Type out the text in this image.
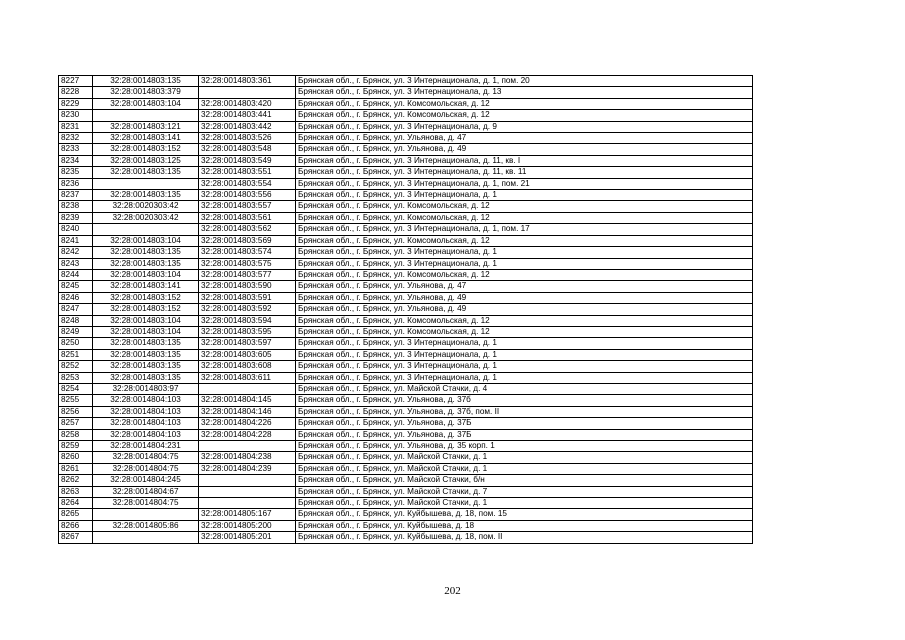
8227	32:28:0014803:135	32:28:0014803:361	Брянская обл., г. Брянск, ул. 3 Интернационала, д. 1, пом. 20
8228	32:28:0014803:379		Брянская обл., г. Брянск, ул. 3 Интернационала, д. 13
8229	32:28:0014803:104	32:28:0014803:420	Брянская обл., г. Брянск, ул. Комсомольская, д. 12
8230		32:28:0014803:441	Брянская обл., г. Брянск, ул. Комсомольская, д. 12
8231	32:28:0014803:121	32:28:0014803:442	Брянская обл., г. Брянск, ул. 3 Интернационала, д. 9
8232	32:28:0014803:141	32:28:0014803:526	Брянская обл., г. Брянск, ул. Ульянова, д. 47
8233	32:28:0014803:152	32:28:0014803:548	Брянская обл., г. Брянск, ул. Ульянова, д. 49
8234	32:28:0014803:125	32:28:0014803:549	Брянская обл., г. Брянск, ул. 3 Интернационала, д. 11, кв. I
8235	32:28:0014803:135	32:28:0014803:551	Брянская обл., г. Брянск, ул. 3 Интернационала, д. 11, кв. 11
8236		32:28:0014803:554	Брянская обл., г. Брянск, ул. 3 Интернационала, д. 1, пом. 21
8237	32:28:0014803:135	32:28:0014803:556	Брянская обл., г. Брянск, ул. 3 Интернационала, д. 1
8238	32:28:0020303:42	32:28:0014803:557	Брянская обл., г. Брянск, ул. Комсомольская, д. 12
8239	32:28:0020303:42	32:28:0014803:561	Брянская обл., г. Брянск, ул. Комсомольская, д. 12
8240		32:28:0014803:562	Брянская обл., г. Брянск, ул. 3 Интернационала, д. 1, пом. 17
8241	32:28:0014803:104	32:28:0014803:569	Брянская обл., г. Брянск, ул. Комсомольская, д. 12
8242	32:28:0014803:135	32:28:0014803:574	Брянская обл., г. Брянск, ул. 3 Интернационала, д. 1
8243	32:28:0014803:135	32:28:0014803:575	Брянская обл., г. Брянск, ул. 3 Интернационала, д. 1
8244	32:28:0014803:104	32:28:0014803:577	Брянская обл., г. Брянск, ул. Комсомольская, д. 12
8245	32:28:0014803:141	32:28:0014803:590	Брянская обл., г. Брянск, ул. Ульянова, д. 47
8246	32:28:0014803:152	32:28:0014803:591	Брянская обл., г. Брянск, ул. Ульянова, д. 49
8247	32:28:0014803:152	32:28:0014803:592	Брянская обл., г. Брянск, ул. Ульянова, д. 49
8248	32:28:0014803:104	32:28:0014803:594	Брянская обл., г. Брянск, ул. Комсомольская, д. 12
8249	32:28:0014803:104	32:28:0014803:595	Брянская обл., г. Брянск, ул. Комсомольская, д. 12
8250	32:28:0014803:135	32:28:0014803:597	Брянская обл., г. Брянск, ул. 3 Интернационала, д. 1
8251	32:28:0014803:135	32:28:0014803:605	Брянская обл., г. Брянск, ул. 3 Интернационала, д. 1
8252	32:28:0014803:135	32:28:0014803:608	Брянская обл., г. Брянск, ул. 3 Интернационала, д. 1
8253	32:28:0014803:135	32:28:0014803:611	Брянская обл., г. Брянск, ул. 3 Интернационала, д. 1
8254	32:28:0014803:97		Брянская обл., г. Брянск, ул. Майской Стачки, д. 4
8255	32:28:0014804:103	32:28:0014804:145	Брянская обл., г. Брянск, ул. Ульянова, д. 37б
8256	32:28:0014804:103	32:28:0014804:146	Брянская обл., г. Брянск, ул. Ульянова, д. 37б, пом. II
8257	32:28:0014804:103	32:28:0014804:226	Брянская обл., г. Брянск, ул. Ульянова, д. 37Б
8258	32:28:0014804:103	32:28:0014804:228	Брянская обл., г. Брянск, ул. Ульянова, д. 37Б
8259	32:28:0014804:231		Брянская обл., г. Брянск, ул. Ульянова, д. 35 корп. 1
8260	32:28:0014804:75	32:28:0014804:238	Брянская обл., г. Брянск, ул. Майской Стачки, д. 1
8261	32:28:0014804:75	32:28:0014804:239	Брянская обл., г. Брянск, ул. Майской Стачки, д. 1
8262	32:28:0014804:245		Брянская обл., г. Брянск, ул. Майской Стачки, б/н
8263	32:28:0014804:67		Брянская обл., г. Брянск, ул. Майской Стачки, д. 7
8264	32:28:0014804:75		Брянская обл., г. Брянск, ул. Майской Стачки, д. 1
8265		32:28:0014805:167	Брянская обл., г. Брянск, ул. Куйбышева, д. 18, пом. 15
8266	32:28:0014805:86	32:28:0014805:200	Брянская обл., г. Брянск, ул. Куйбышева, д. 18
8267		32:28:0014805:201	Брянская обл., г. Брянск, ул. Куйбышева, д. 18, пом. II
202
